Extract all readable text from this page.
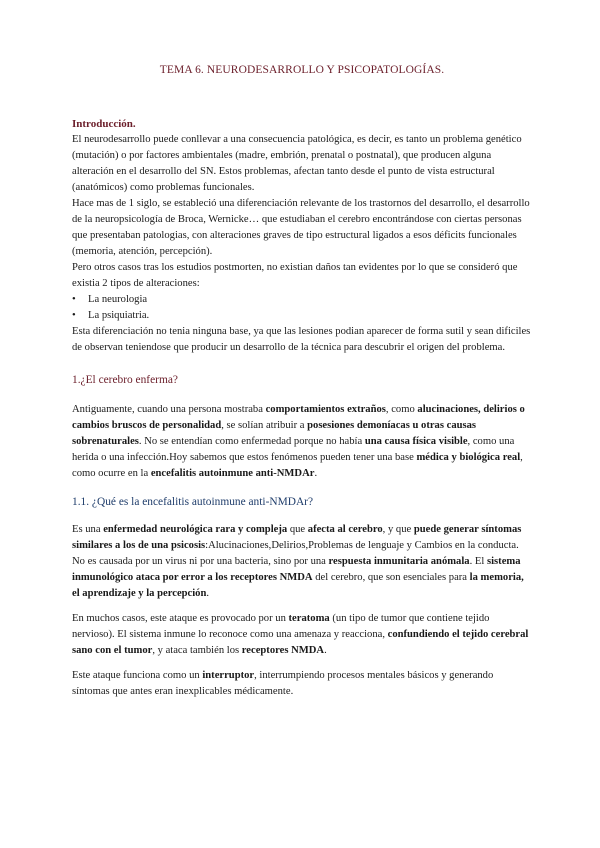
TEMA 6. NEURODESARROLLO Y PSICOPATOLOGÍAS.
Introducción.

El neurodesarrollo puede conllevar a una consecuencia patológica, es decir, es tanto un problema genético (mutación) o por factores ambientales (madre, embrión, prenatal o postnatal), que producen alguna alteración en el desarrollo del SN. Estos problemas, afectan tanto desde el punto de vista estructural (anatómicos) como problemas funcionales.

Hace mas de 1 siglo, se estableció una diferenciación relevante de los trastornos del desarrollo, el desarrollo de la neuropsicología de Broca, Wernicke… que estudiaban el cerebro encontrándose con ciertas personas que presentaban patologias, con alteraciones graves de tipo estructural ligados a esos déficits funcionales (memoria, atención, percepción).

Pero otros casos tras los estudios postmorten, no existian daños tan evidentes por lo que se consideró que existia 2 tipos de alteraciones:

• La neurologia
• La psiquiatria.

Esta diferenciación no tenia ninguna base, ya que las lesiones podian aparecer de forma sutil y sean dificiles de observan teniendose que producir un desarrollo de la técnica para descubrir el origen del problema.

1.¿El cerebro enferma?

Antiguamente, cuando una persona mostraba comportamientos extraños, como alucinaciones, delirios o cambios bruscos de personalidad, se solían atribuir a posesiones demoníacas u otras causas sobrenaturales. No se entendían como enfermedad porque no había una causa física visible, como una herida o una infección.Hoy sabemos que estos fenómenos pueden tener una base médica y biológica real, como ocurre en la encefalitis autoinmune anti-NMDAr.

1.1. ¿Qué es la encefalitis autoinmune anti-NMDAr?

Es una enfermedad neurológica rara y compleja que afecta al cerebro, y que puede generar síntomas similares a los de una psicosis:Alucinaciones,Delirios,Problemas de lenguaje y Cambios en la conducta.

No es causada por un virus ni por una bacteria, sino por una respuesta inmunitaria anómala. El sistema inmunológico ataca por error a los receptores NMDA del cerebro, que son esenciales para la memoria, el aprendizaje y la percepción.

En muchos casos, este ataque es provocado por un teratoma (un tipo de tumor que contiene tejido nervioso). El sistema inmune lo reconoce como una amenaza y reacciona, confundiendo el tejido cerebral sano con el tumor, y ataca también los receptores NMDA.

Este ataque funciona como un interruptor, interrumpiendo procesos mentales básicos y generando síntomas que antes eran inexplicables médicamente.
